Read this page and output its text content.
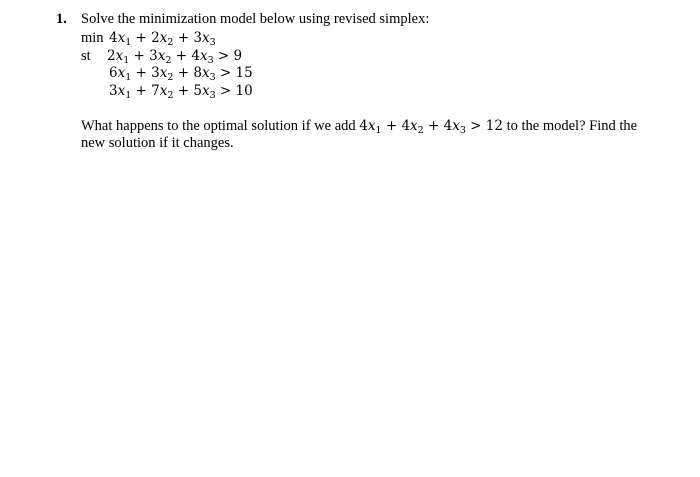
1. Solve the minimization model below using revised simplex:
$\min 4x_1 + 2x_2 + 3x_3$
st	$2x_1 + 3x_2 + 4x_3 > 9$
$6x_1 + 3x_2 + 8x_3 > 15$
$3x_1 + 7x_2 + 5x_3 > 10$
What happens to the optimal solution if we add $4x_1 + 4x_2 + 4x_3 > 12$ to the model? Find the new solution if it changes.
